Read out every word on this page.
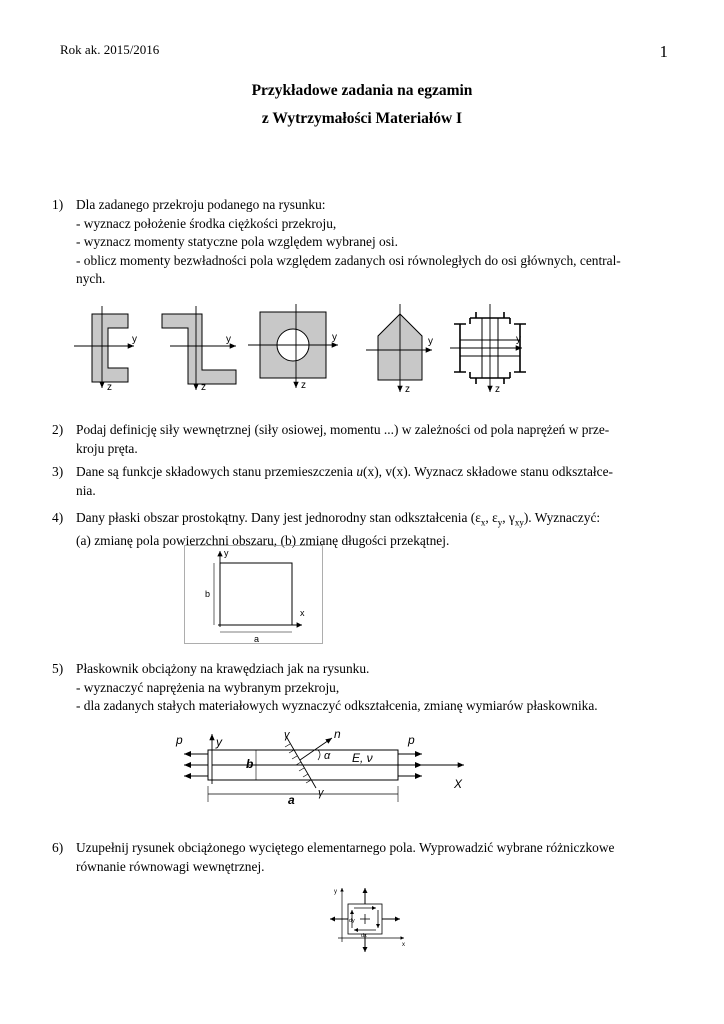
Rok ak. 2015/2016	1
Przykładowe zadania na egzamin
z Wytrzymałości Materiałów I
1) Dla zadanego przekroju podanego na rysunku:
- wyznacz położenie środka ciężkości przekroju,
- wyznacz momenty statyczne pola względem wybranej osi.
- oblicz momenty bezwładności pola względem zadanych osi równoległych do osi głównych, central-
nych.
y
z
y
z
y
z
y
z
y
z
2) Podaj definicję siły wewnętrznej (siły osiowej, momentu ...) w zależności od pola naprężeń w prze-
kroju pręta.
3) Dane są funkcje składowych stanu przemieszczenia u(x), v(x). Wyznacz składowe stanu odkształce-
nia.
4) Dany płaski obszar prostokątny. Dany jest jednorodny stan odkształcenia ($\varepsilon_x$, $\varepsilon_y$, $\gamma_{xy}$). Wyznaczyć:
(a) zmianę pola powierzchni obszaru, (b) zmianę długości przekątnej.
y
x
b
a
5) Płaskownik obciążony na krawędziach jak na rysunku.
- wyznaczyć naprężenia na wybranym przekroju,
- dla zadanych stałych materiałowych wyznaczyć odkształcenia, zmianę wymiarów płaskownika.
p	p
y
b
γ
γ
n
α E, ν
a
X
6) Uzupełnij rysunek obciążonego wyciętego elementarnego pola. Wyprowadzić wybrane różniczkowe
równanie równowagi wewnętrznej.
y
x
dy
dx
